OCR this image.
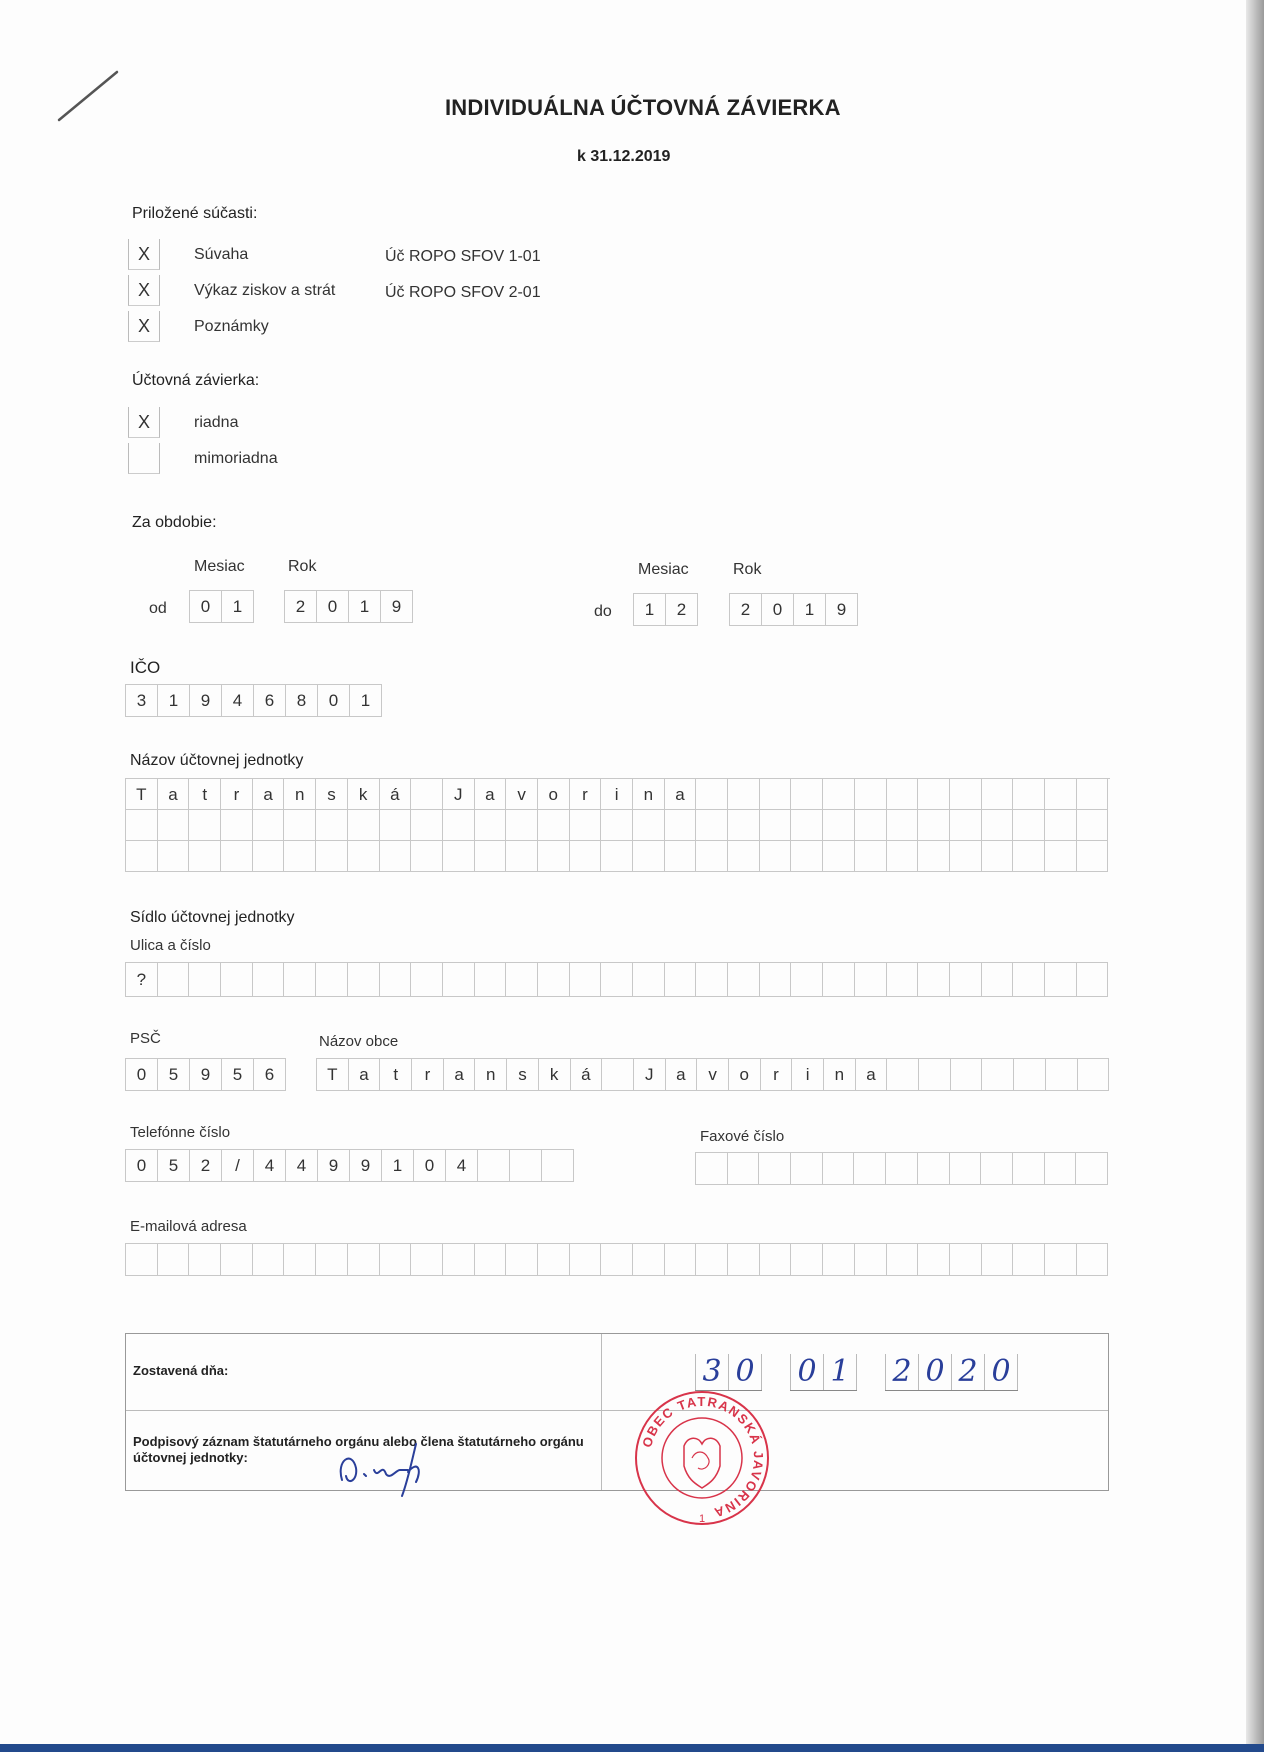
INDIVIDUÁLNA ÚČTOVNÁ ZÁVIERKA
k 31.12.2019
Priložené súčasti:
X	Súvaha	Úč ROPO SFOV 1-01
X	Výkaz ziskov a strát	Úč ROPO SFOV 2-01
X	Poznámky
Účtovná závierka:
X	riadna
mimoriadna
Za obdobie:
Mesiac	Rok	Mesiac	Rok
od	0	1	2	0	1	9	do	1	2	2	0	1	9
IČO
3	1	9	4	6	8	0	1
Názov účtovnej jednotky
T	a	t	r	a	n	s	k	á	J	a	v	o	r	i	n	a
Sídlo účtovnej jednotky
Ulica a číslo
?
PSČ
0	5	9	5	6
Názov obce
T	a	t	r	a	n	s	k	á	J	a	v	o	r	i	n	a
Telefónne číslo
0	5	2	/	4	4	9	9	1	0	4
Faxové číslo
E-mailová adresa
Zostavená dňa:	3 0 0 1 2 0 2 0
Podpisový záznam štatutárneho orgánu alebo člena štatutárneho orgánu
účtovnej jednotky:
OBEC TATRANSKÁ JAVORINA
1
